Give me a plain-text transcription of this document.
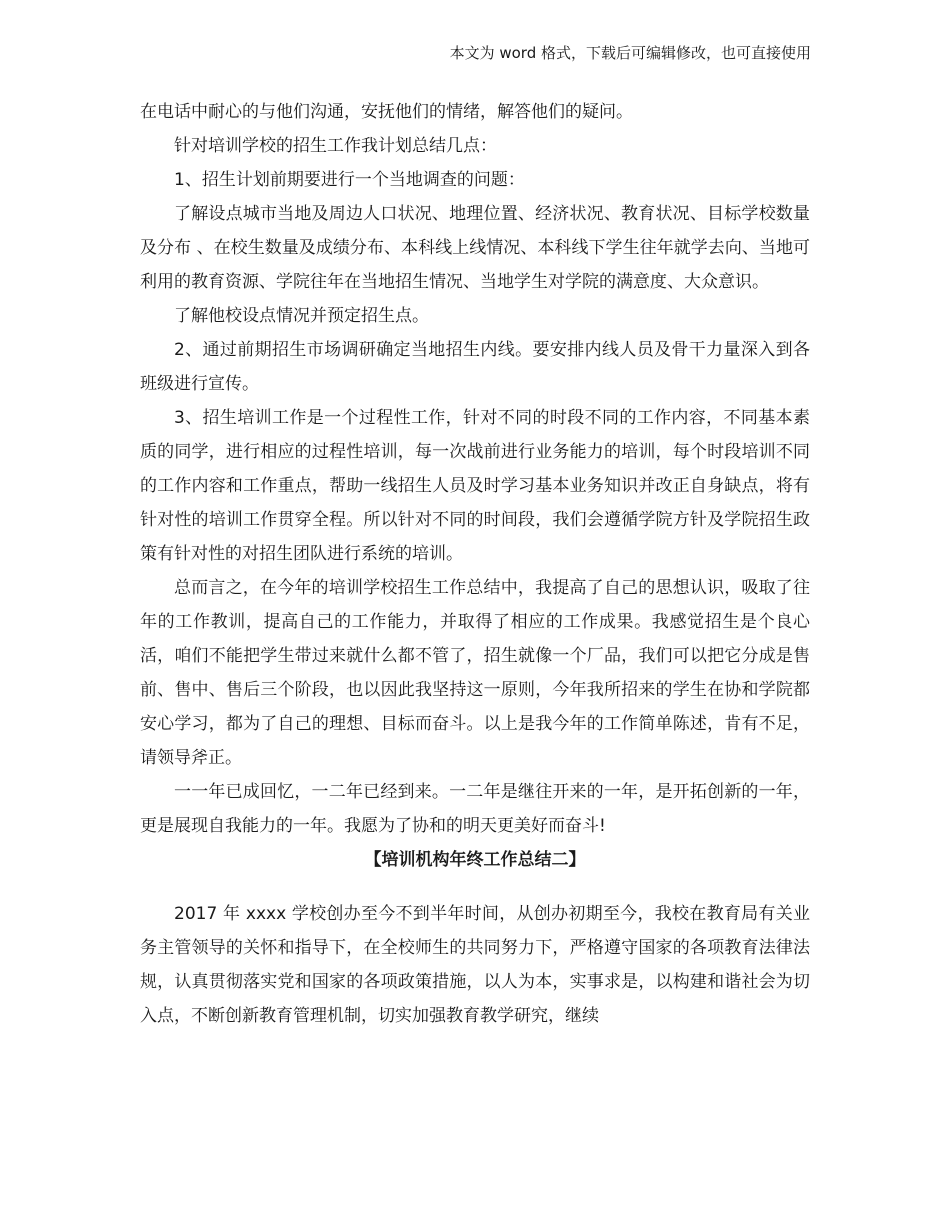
本文为 word 格式，下载后可编辑修改，也可直接使用

在电话中耐心的与他们沟通，安抚他们的情绪，解答他们的疑问。

针对培训学校的招生工作我计划总结几点：

1、招生计划前期要进行一个当地调查的问题：

了解设点城市当地及周边人口状况、地理位置、经济状况、教育状况、目标学校数量及分布 、在校生数量及成绩分布、本科线上线情况、本科线下学生往年就学去向、当地可利用的教育资源、学院往年在当地招生情况、当地学生对学院的满意度、大众意识。

了解他校设点情况并预定招生点。

2、通过前期招生市场调研确定当地招生内线。要安排内线人员及骨干力量深入到各班级进行宣传。

3、招生培训工作是一个过程性工作，针对不同的时段不同的工作内容，不同基本素质的同学，进行相应的过程性培训，每一次战前进行业务能力的培训，每个时段培训不同的工作内容和工作重点，帮助一线招生人员及时学习基本业务知识并改正自身缺点，将有针对性的培训工作贯穿全程。所以针对不同的时间段，我们会遵循学院方针及学院招生政策有针对性的对招生团队进行系统的培训。

总而言之，在今年的培训学校招生工作总结中，我提高了自己的思想认识，吸取了往年的工作教训，提高自己的工作能力，并取得了相应的工作成果。我感觉招生是个良心活，咱们不能把学生带过来就什么都不管了，招生就像一个厂品，我们可以把它分成是售前、售中、售后三个阶段，也以因此我坚持这一原则，今年我所招来的学生在协和学院都安心学习，都为了自己的理想、目标而奋斗。以上是我今年的工作简单陈述，肯有不足，请领导斧正。

一一年已成回忆，一二年已经到来。一二年是继往开来的一年，是开拓创新的一年，更是展现自我能力的一年。我愿为了协和的明天更美好而奋斗!

【培训机构年终工作总结二】

2017 年 xxxx 学校创办至今不到半年时间，从创办初期至今，我校在教育局有关业务主管领导的关怀和指导下，在全校师生的共同努力下，严格遵守国家的各项教育法律法规，认真贯彻落实党和国家的各项政策措施，以人为本，实事求是，以构建和谐社会为切入点，不断创新教育管理机制，切实加强教育教学研究，继续
